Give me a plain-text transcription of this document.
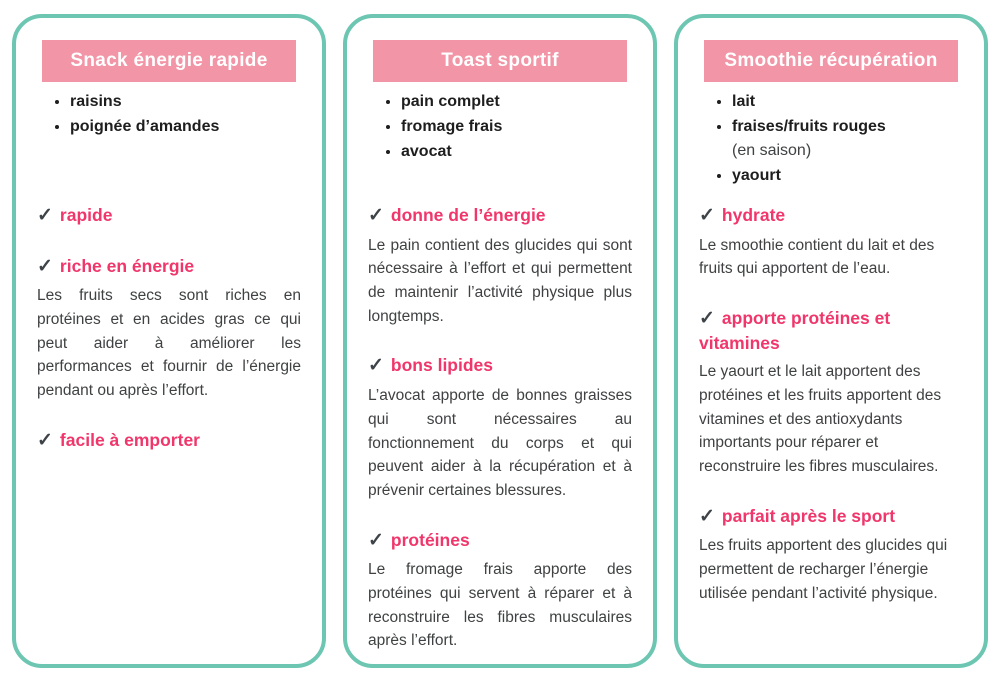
Snack énergie rapide
• raisins
• poignée d’amandes
✓ rapide
✓ riche en énergie

Les fruits secs sont riches en protéines et en acides gras ce qui peut aider à améliorer les performances et fournir de l’énergie pendant ou après l’effort.

✓ facile à emporter
Toast sportif
• pain complet
• fromage frais
• avocat
✓ donne de l’énergie

Le pain contient des glucides qui sont nécessaire à l’effort et qui permettent de maintenir l’activité physique plus longtemps.

✓ bons lipides

L’avocat apporte de bonnes graisses qui sont nécessaires au fonctionnement du corps et qui peuvent aider à la récupération et à prévenir certaines blessures.

✓ protéines

Le fromage frais apporte des protéines qui servent à réparer et à reconstruire les fibres musculaires après l’effort.

Smoothie récupération
• lait
• fraises/fruits rouges
(en saison)
• yaourt
✓ hydrate

Le smoothie contient du lait et des fruits qui apportent de l’eau.

✓ apporte protéines et vitamines

Le yaourt et le lait apportent des protéines et les fruits apportent des vitamines et des antioxydants importants pour réparer et reconstruire les fibres musculaires.

✓ parfait après le sport

Les fruits apportent des glucides qui permettent de recharger l’énergie utilisée pendant l’activité physique.
